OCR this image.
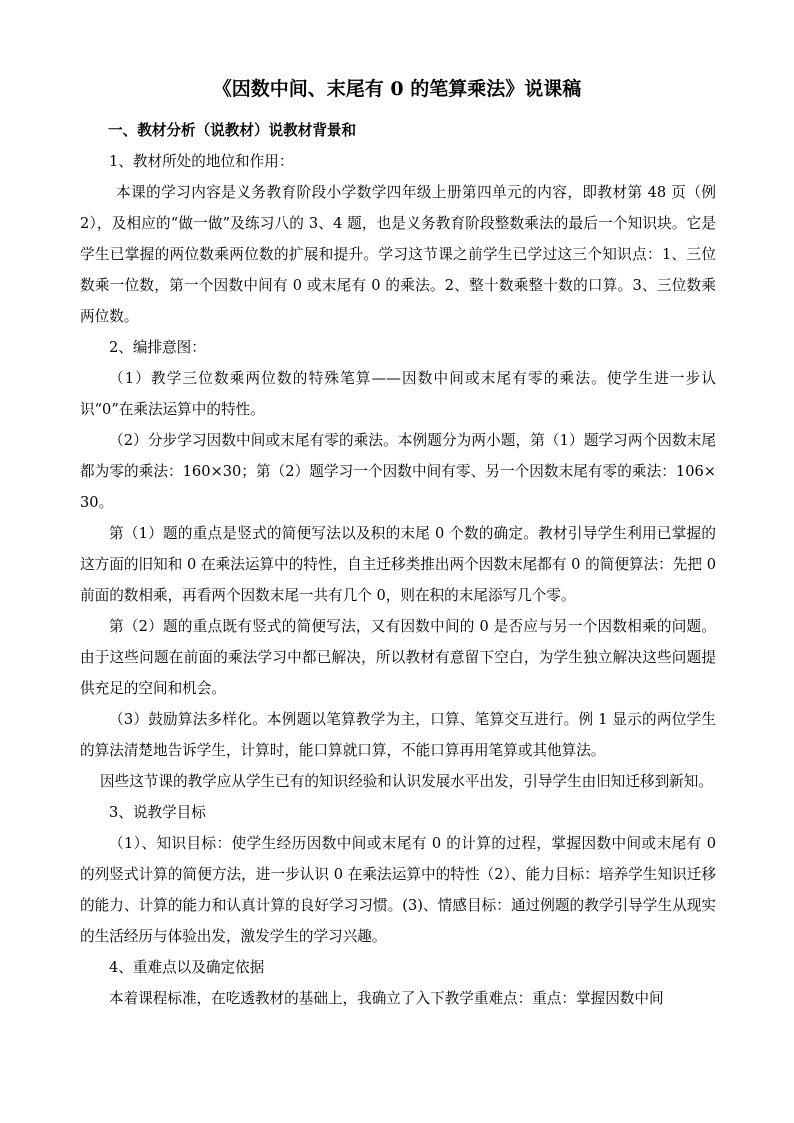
《因数中间、末尾有 0 的笔算乘法》说课稿

一、教材分析（说教材）说教材背景和

1、教材所处的地位和作用：

本课的学习内容是义务教育阶段小学数学四年级上册第四单元的内容，即教材第 48 页（例 2），及相应的“做一做”及练习八的 3、4 题，也是义务教育阶段整数乘法的最后一个知识块。它是学生已掌握的两位数乘两位数的扩展和提升。学习这节课之前学生已学过这三个知识点：1、三位数乘一位数，第一个因数中间有 0 或末尾有 0 的乘法。2、整十数乘整十数的口算。3、三位数乘两位数。

2、编排意图：

（1）教学三位数乘两位数的特殊笔算——因数中间或末尾有零的乘法。使学生进一步认识“0”在乘法运算中的特性。

（2）分步学习因数中间或末尾有零的乘法。本例题分为两小题，第（1）题学习两个因数末尾都为零的乘法：160×30；第（2）题学习一个因数中间有零、另一个因数末尾有零的乘法：106×30。

第（1）题的重点是竖式的简便写法以及积的末尾 0 个数的确定。教材引导学生利用已掌握的这方面的旧知和 0 在乘法运算中的特性，自主迁移类推出两个因数末尾都有 0 的简便算法：先把 0 前面的数相乘，再看两个因数末尾一共有几个 0，则在积的末尾添写几个零。

第（2）题的重点既有竖式的简便写法，又有因数中间的 0 是否应与另一个因数相乘的问题。由于这些问题在前面的乘法学习中都已解决，所以教材有意留下空白，为学生独立解决这些问题提供充足的空间和机会。

（3）鼓励算法多样化。本例题以笔算教学为主，口算、笔算交互进行。例 1 显示的两位学生的算法清楚地告诉学生，计算时，能口算就口算，不能口算再用笔算或其他算法。

因些这节课的教学应从学生已有的知识经验和认识发展水平出发，引导学生由旧知迁移到新知。

3、说教学目标

（1）、知识目标：使学生经历因数中间或末尾有 0 的计算的过程，掌握因数中间或末尾有 0 的列竖式计算的简便方法，进一步认识 0 在乘法运算中的特性（2）、能力目标：培养学生知识迁移的能力、计算的能力和认真计算的良好学习习惯。(3)、情感目标：通过例题的教学引导学生从现实的生活经历与体验出发，激发学生的学习兴趣。

4、重难点以及确定依据

本着课程标准，在吃透教材的基础上，我确立了入下教学重难点：重点：掌握因数中间
